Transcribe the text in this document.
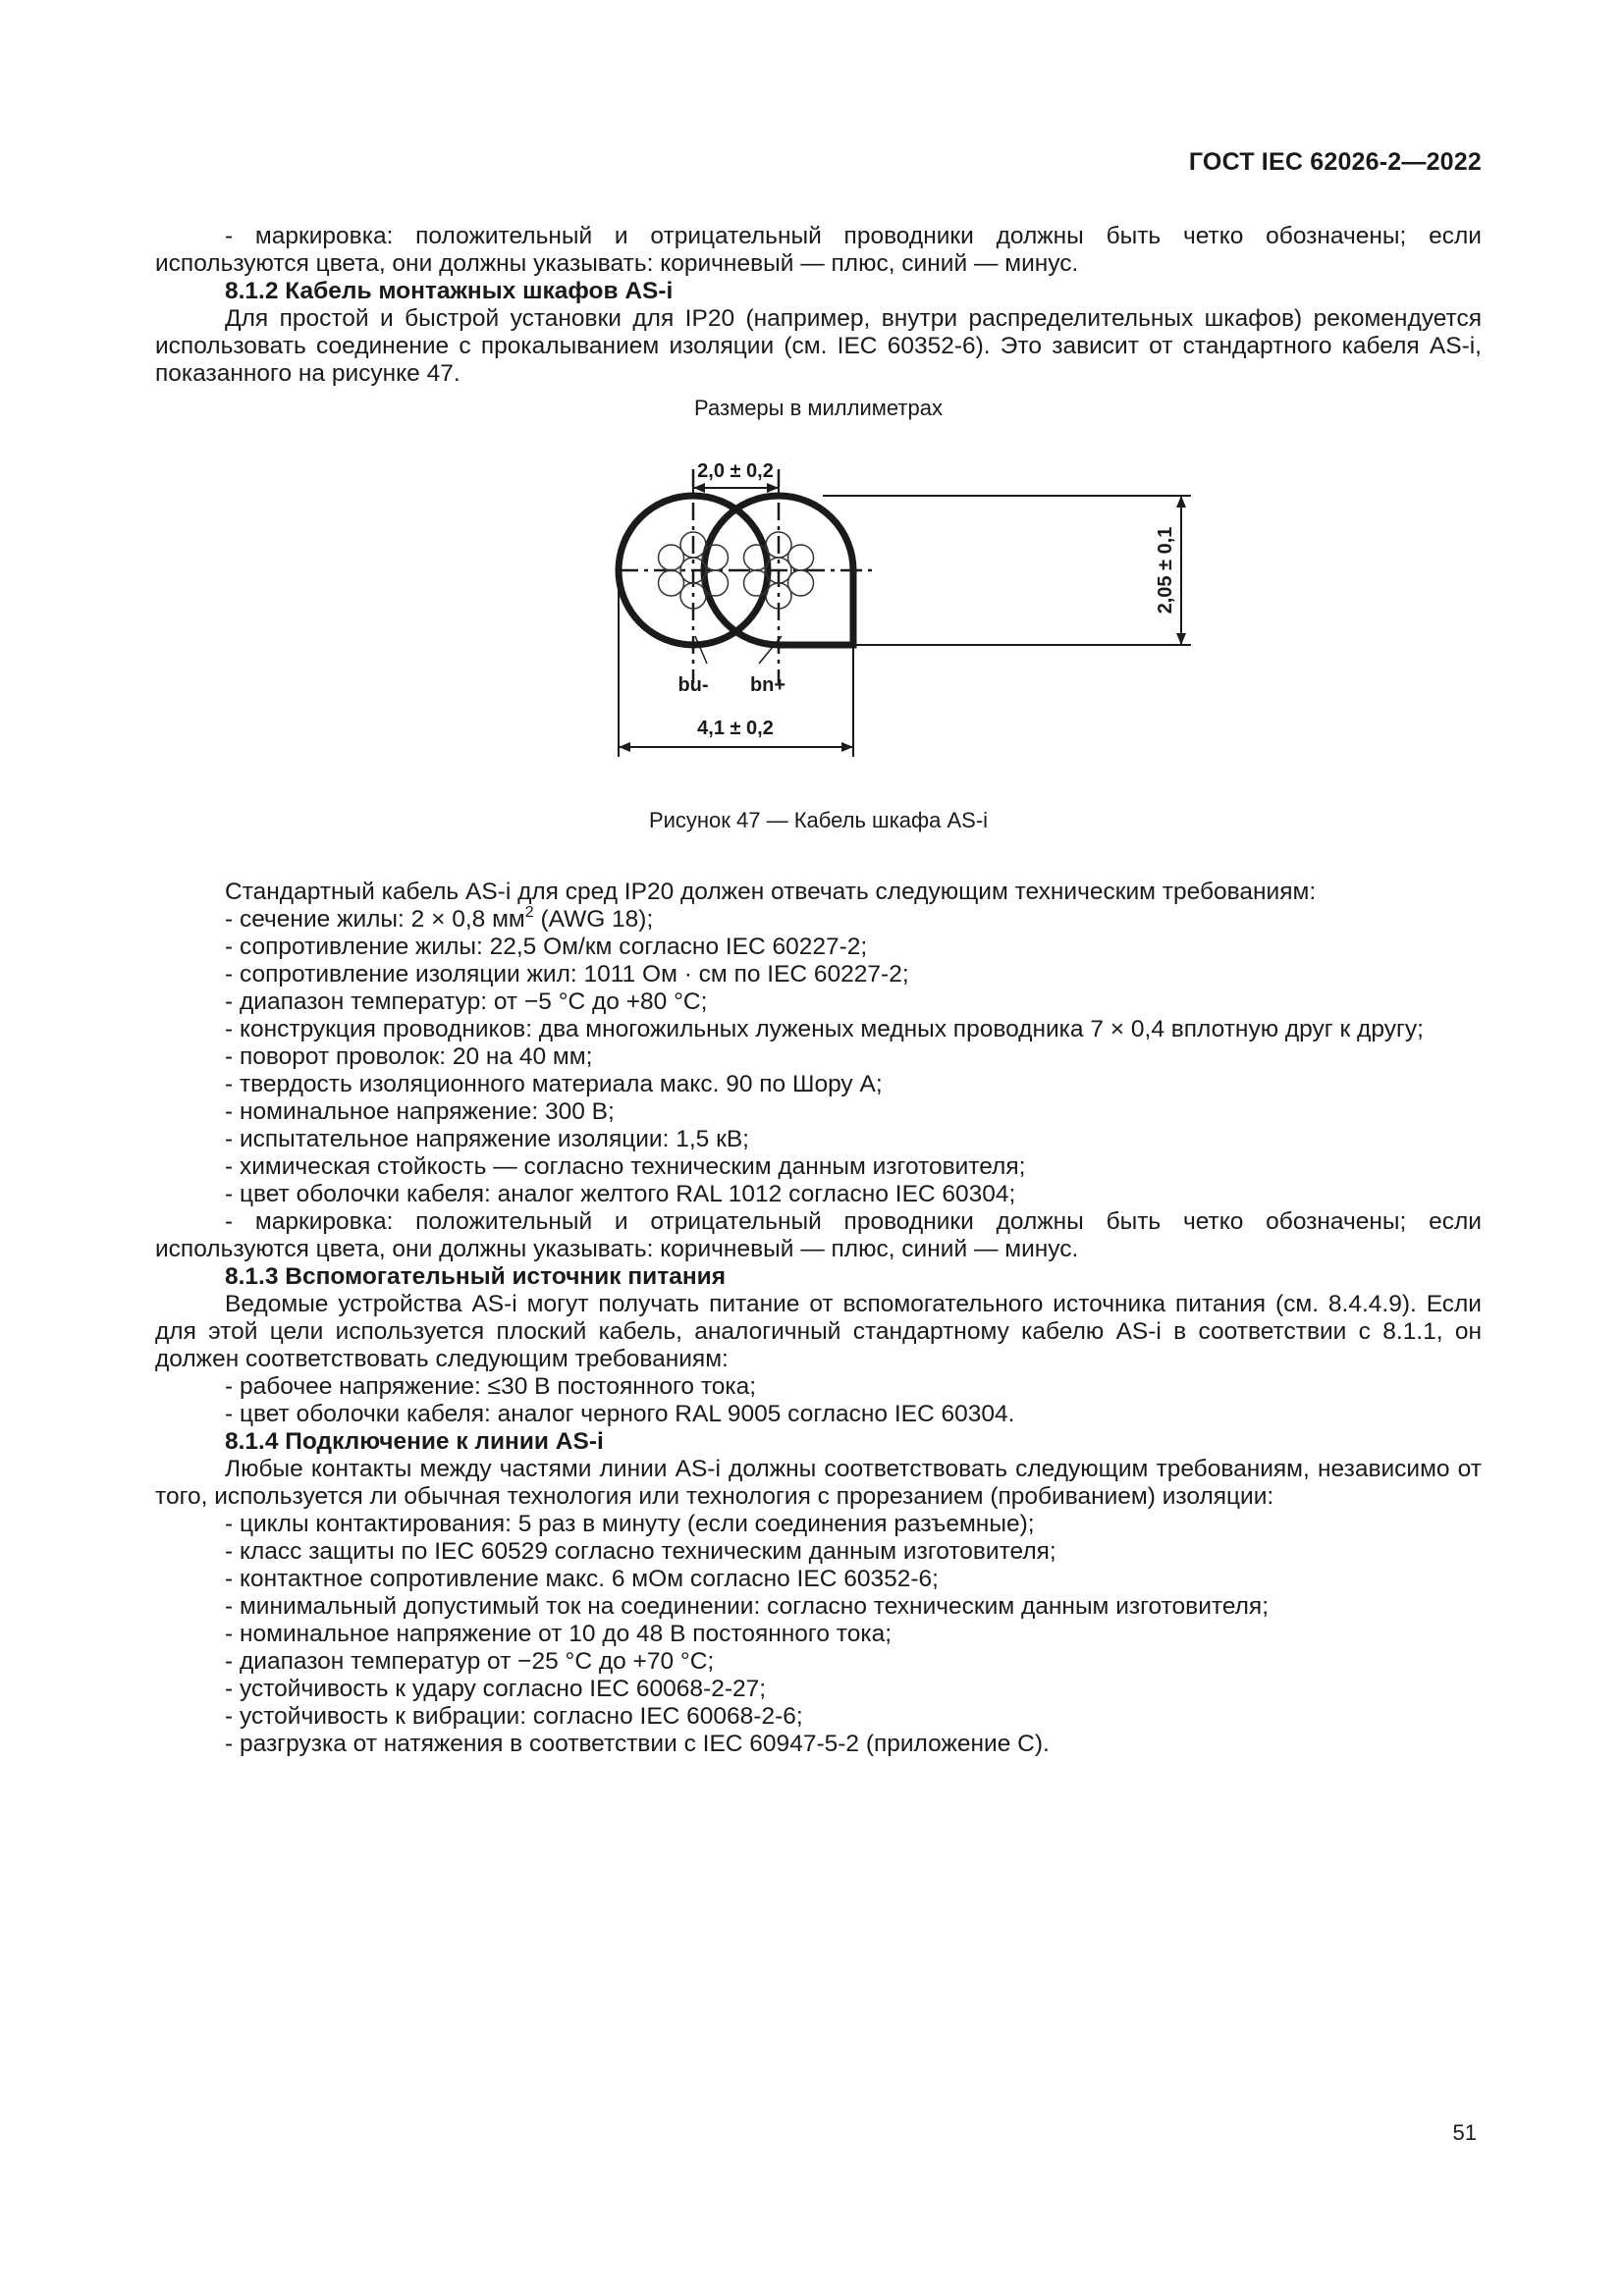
ГОСТ IEC 62026-2—2022

- маркировка: положительный и отрицательный проводники должны быть четко обозначены; если используются цвета, они должны указывать: коричневый — плюс, синий — минус.

8.1.2 Кабель монтажных шкафов AS-i

Для простой и быстрой установки для IP20 (например, внутри распределительных шкафов) рекомендуется использовать соединение с прокалыванием изоляции (см. IEC 60352-6). Это зависит от стандартного кабеля AS-i, показанного на рисунке 47.

Размеры в миллиметрах
2,0 ± 0,2
2,05 ± 0,1
bu- bn+
4,1 ± 0,2
Рисунок 47 — Кабель шкафа AS-i

Стандартный кабель AS-i для сред IP20 должен отвечать следующим техническим требованиям:

- сечение жилы: 2 × 0,8 $мм^2$ (AWG 18);

- сопротивление жилы: 22,5 Ом/км согласно IEC 60227-2;

- сопротивление изоляции жил: 1011 Ом · см по IEC 60227-2;

- диапазон температур: от −5 °C до +80 °C;

- конструкция проводников: два многожильных луженых медных проводника 7 × 0,4 вплотную друг к другу;

- поворот проволок: 20 на 40 мм;

- твердость изоляционного материала макс. 90 по Шору А;

- номинальное напряжение: 300 В;

- испытательное напряжение изоляции: 1,5 кВ;

- химическая стойкость — согласно техническим данным изготовителя;

- цвет оболочки кабеля: аналог желтого RAL 1012 согласно IEC 60304;

- маркировка: положительный и отрицательный проводники должны быть четко обозначены; если используются цвета, они должны указывать: коричневый — плюс, синий — минус.

8.1.3 Вспомогательный источник питания

Ведомые устройства AS-i могут получать питание от вспомогательного источника питания (см. 8.4.4.9). Если для этой цели используется плоский кабель, аналогичный стандартному кабелю AS-i в соответствии с 8.1.1, он должен соответствовать следующим требованиям:

- рабочее напряжение: ≤30 В постоянного тока;

- цвет оболочки кабеля: аналог черного RAL 9005 согласно IEC 60304.

8.1.4 Подключение к линии AS-i

Любые контакты между частями линии AS-i должны соответствовать следующим требованиям, независимо от того, используется ли обычная технология или технология с прорезанием (пробиванием) изоляции:

- циклы контактирования: 5 раз в минуту (если соединения разъемные);

- класс защиты по IEC 60529 согласно техническим данным изготовителя;

- контактное сопротивление макс. 6 мОм согласно IEC 60352-6;

- минимальный допустимый ток на соединении: согласно техническим данным изготовителя;

- номинальное напряжение от 10 до 48 В постоянного тока;

- диапазон температур от −25 °C до +70 °C;

- устойчивость к удару согласно IEC 60068-2-27;

- устойчивость к вибрации: согласно IEC 60068-2-6;

- разгрузка от натяжения в соответствии с IEC 60947-5-2 (приложение С).

51
